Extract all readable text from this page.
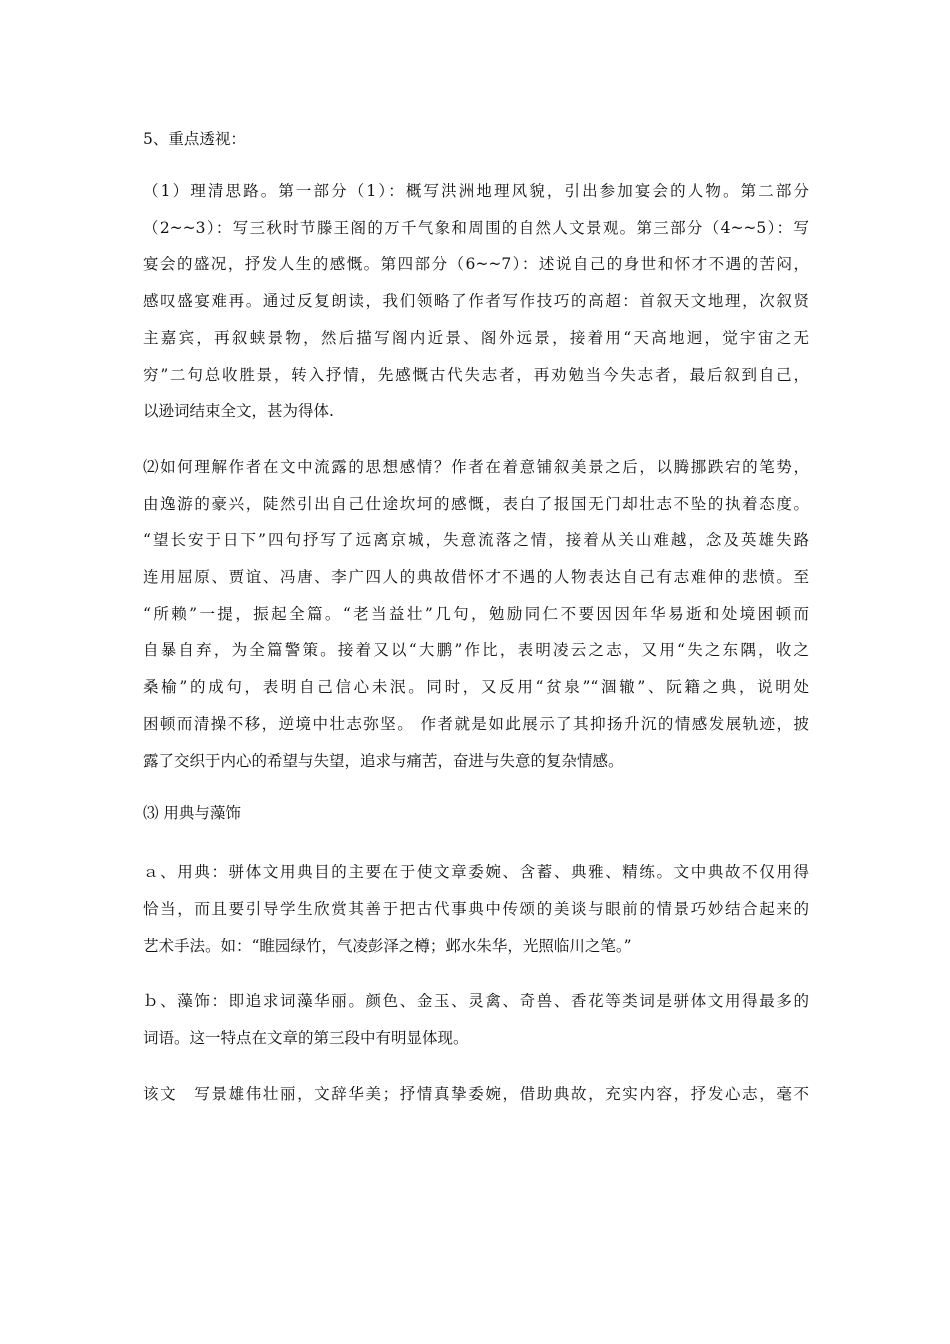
5、重点透视：
（1）理清思路。第一部分（1）：概写洪洲地理风貌，引出参加宴会的人物。第二部分
（2~~3）：写三秋时节滕王阁的万千气象和周围的自然人文景观。第三部分（4~~5）：写
宴会的盛况，抒发人生的感慨。第四部分（6~~7）：述说自己的身世和怀才不遇的苦闷，
感叹盛宴难再。通过反复朗读，我们领略了作者写作技巧的高超：首叙天文地理，次叙贤
主嘉宾，再叙蛱景物，然后描写阁内近景、阁外远景，接着用“天高地迥，觉宇宙之无
穷”二句总收胜景，转入抒情，先感慨古代失志者，再劝勉当今失志者，最后叙到自己，
以逊词结束全文，甚为得体.
⑵如何理解作者在文中流露的思想感情？作者在着意铺叙美景之后，以腾挪跌宕的笔势，
由逸游的豪兴，陡然引出自己仕途坎坷的感慨，表白了报国无门却壮志不坠的执着态度。
“望长安于日下”四句抒写了远离京城，失意流落之情，接着从关山难越，念及英雄失路
连用屈原、贾谊、冯唐、李广四人的典故借怀才不遇的人物表达自己有志难伸的悲愤。至
“所赖”一提，振起全篇。“老当益壮”几句，勉励同仁不要因因年华易逝和处境困顿而
自暴自弃，为全篇警策。接着又以“大鹏”作比，表明凌云之志，又用“失之东隅，收之
桑榆”的成句，表明自己信心未泯。同时，又反用“贫泉”“涸辙”、阮籍之典，说明处
困顿而清操不移，逆境中壮志弥坚。 作者就是如此展示了其抑扬升沉的情感发展轨迹，披
露了交织于内心的希望与失望，追求与痛苦，奋进与失意的复杂情感。
⑶ 用典与藻饰
ａ、用典：骈体文用典目的主要在于使文章委婉、含蓄、典雅、精练。文中典故不仅用得
恰当，而且要引导学生欣赏其善于把古代事典中传颂的美谈与眼前的情景巧妙结合起来的
艺术手法。如：“睢园绿竹，气凌彭泽之樽；邺水朱华，光照临川之笔。”
ｂ、藻饰：即追求词藻华丽。颜色、金玉、灵禽、奇兽、香花等类词是骈体文用得最多的
词语。这一特点在文章的第三段中有明显体现。
该文　写景雄伟壮丽，文辞华美；抒情真挚委婉，借助典故，充实内容，抒发心志，毫不
